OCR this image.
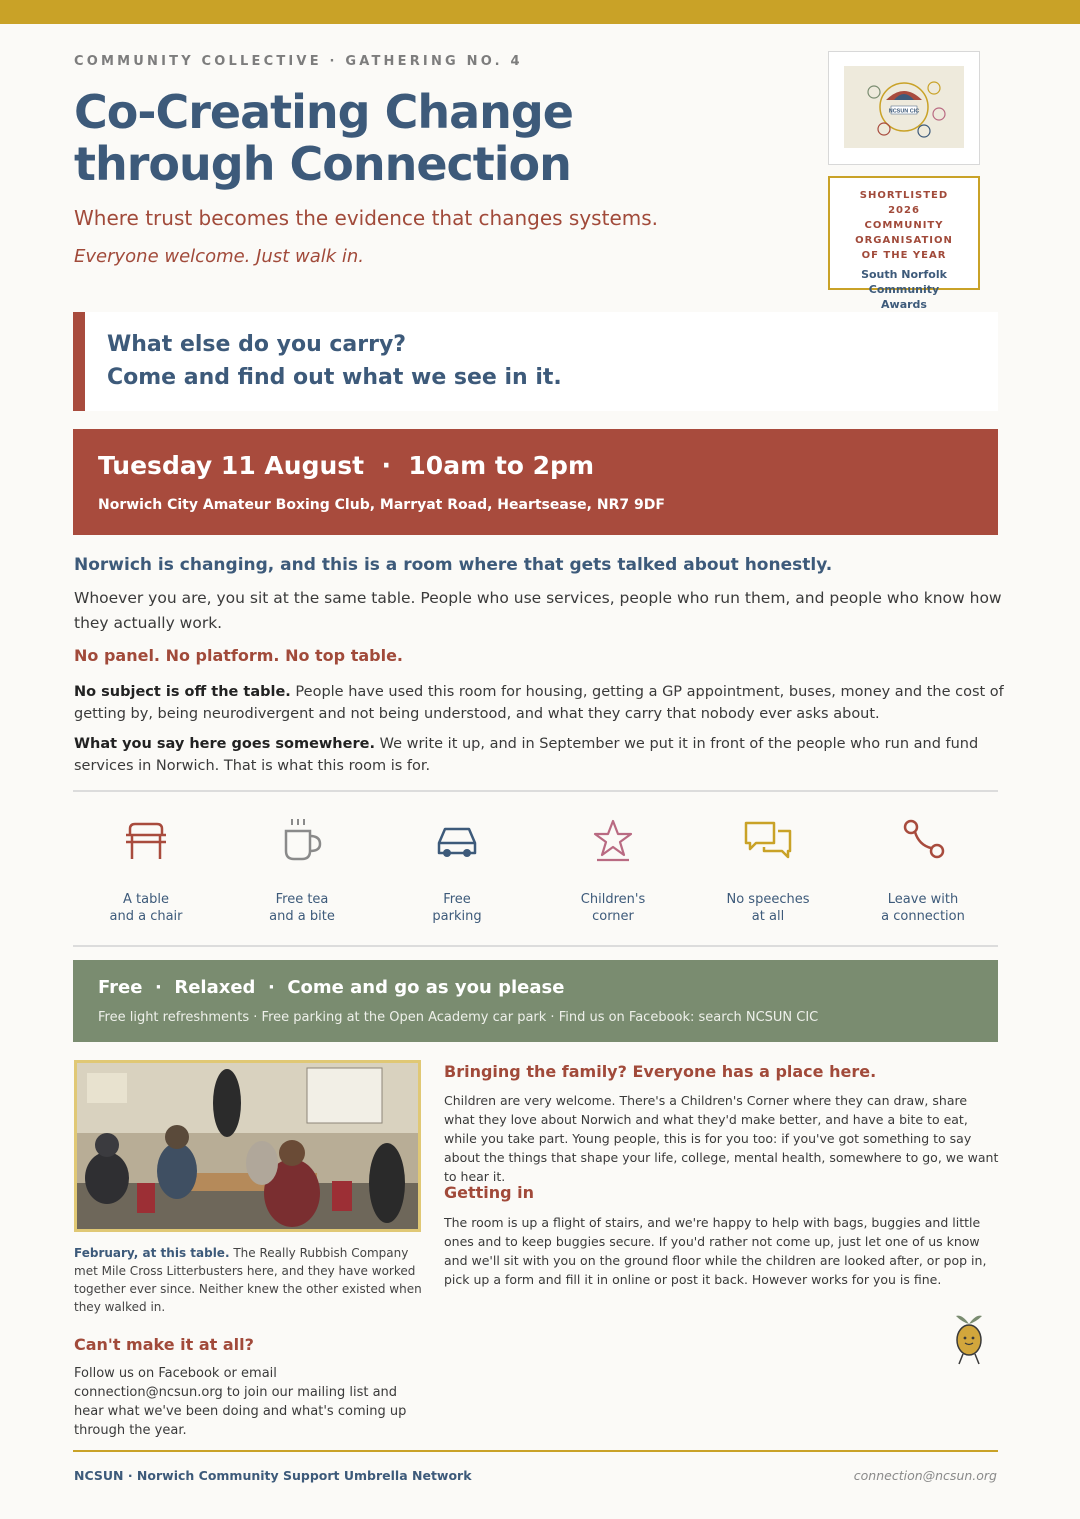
COMMUNITY COLLECTIVE · GATHERING NO. 4
Co-Creating Change
through Connection
Where trust becomes the evidence that changes systems.
Everyone welcome. Just walk in.
NCSUN CIC
SHORTLISTED 2026 COMMUNITY ORGANISATION OF THE YEAR
South Norfolk Community Awards
What else do you carry?
Come and find out what we see in it.
Tuesday 11 August  ·  10am to 2pm
Norwich City Amateur Boxing Club, Marryat Road, Heartsease, NR7 9DF
Norwich is changing, and this is a room where that gets talked about honestly.
Whoever you are, you sit at the same table. People who use services, people who run them, and people who know how they actually work.
No panel. No platform. No top table.
No subject is off the table. People have used this room for housing, getting a GP appointment, buses, money and the cost of getting by, being neurodivergent and not being understood, and what they carry that nobody ever asks about.
What you say here goes somewhere. We write it up, and in September we put it in front of the people who run and fund services in Norwich. That is what this room is for.
A table
and a chair
Free tea
and a bite
Free
parking
Children's
corner
No speeches
at all
Leave with
a connection
Free  ·  Relaxed  ·  Come and go as you please
Free light refreshments · Free parking at the Open Academy car park · Find us on Facebook: search NCSUN CIC
February, at this table. The Really Rubbish Company met Mile Cross Litterbusters here, and they have worked together ever since. Neither knew the other existed when they walked in.
Bringing the family? Everyone has a place here.
Children are very welcome. There's a Children's Corner where they can draw, share what they love about Norwich and what they'd make better, and have a bite to eat, while you take part. Young people, this is for you too: if you've got something to say about the things that shape your life, college, mental health, somewhere to go, we want to hear it.
Getting in
The room is up a flight of stairs, and we're happy to help with bags, buggies and little ones and to keep buggies secure. If you'd rather not come up, just let one of us know and we'll sit with you on the ground floor while the children are looked after, or pop in, pick up a form and fill it in online or post it back. However works for you is fine.
Can't make it at all?
Follow us on Facebook or email connection@ncsun.org to join our mailing list and hear what we've been doing and what's coming up through the year.
NCSUN · Norwich Community Support Umbrella Network	connection@ncsun.org
